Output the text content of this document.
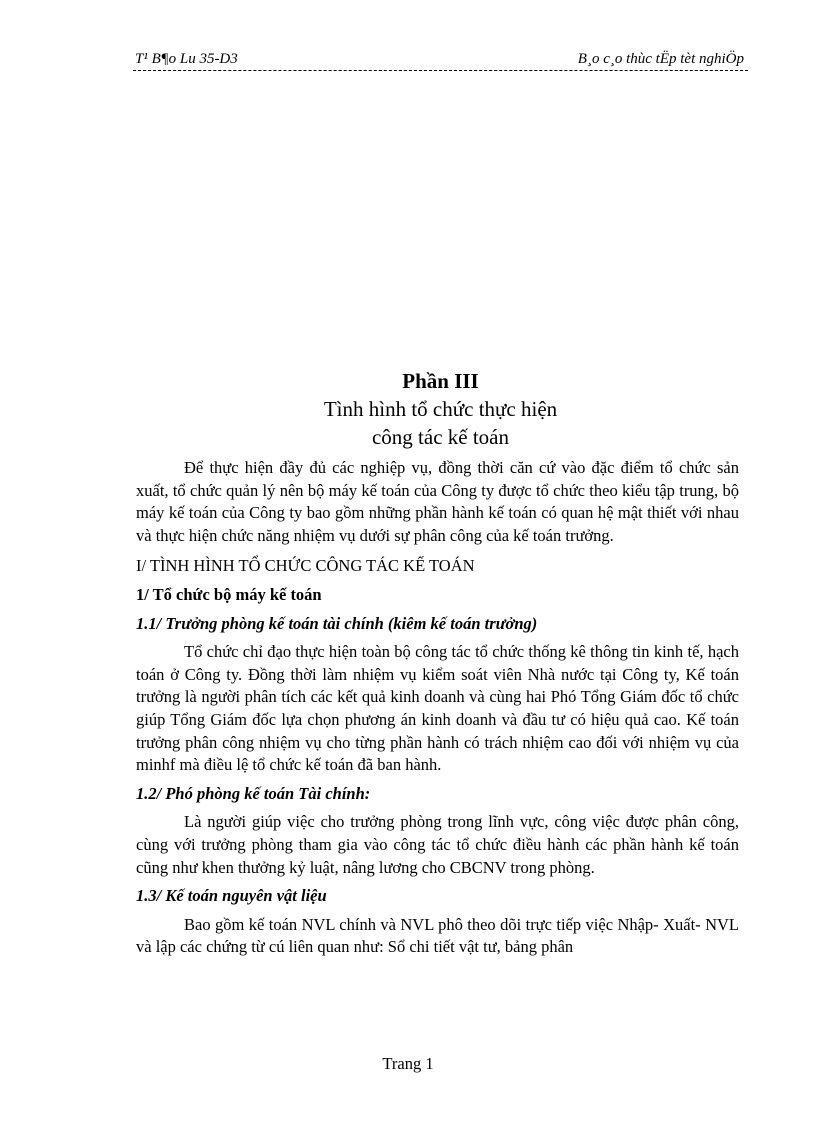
T¹ B¶o Lu 35-D3	B¸o c¸o thùc tËp tèt nghiÖp
Phần III
Tình hình tổ chức thực hiện
công tác kế toán

Để thực hiện đầy đủ các nghiệp vụ, đồng thời căn cứ vào đặc điểm tổ chức sản xuất, tổ chức quản lý nên bộ máy kế toán của Công ty được tổ chức theo kiểu tập trung, bộ máy kế toán của Công ty bao gồm những phần hành kế toán có quan hệ mật thiết với nhau và thực hiện chức năng nhiệm vụ dưới sự phân công của kế toán trưởng.

I/ TÌNH HÌNH TỔ CHỨC CÔNG TÁC KẾ TOÁN

1/ Tổ chức bộ máy kế toán

1.1/ Trưởng phòng kế toán tài chính (kiêm kế toán trưởng)

Tổ chức chỉ đạo thực hiện toàn bộ công tác tổ chức thống kê thông tin kinh tế, hạch toán ở Công ty. Đồng thời làm nhiệm vụ kiểm soát viên Nhà nước tại Công ty, Kế toán trưởng là người phân tích các kết quả kinh doanh và cùng hai Phó Tổng Giám đốc tổ chức giúp Tổng Giám đốc lựa chọn phương án kinh doanh và đầu tư có hiệu quả cao. Kế toán trưởng phân công nhiệm vụ cho từng phần hành có trách nhiệm cao đối với nhiệm vụ của minhf mà điều lệ tổ chức kế toán đã ban hành.

1.2/ Phó phòng kế toán Tài chính:

Là người giúp việc cho trưởng phòng trong lĩnh vực, công việc được phân công, cùng với trưởng phòng tham gia vào công tác tổ chức điều hành các phần hành kế toán cũng như khen thưởng kỷ luật, nâng lương cho CBCNV trong phòng.

1.3/ Kế toán nguyên vật liệu

Bao gồm kế toán NVL chính và NVL phô theo dõi trực tiếp việc Nhập- Xuất- NVL và lập các chứng từ cú liên quan như: Sổ chi tiết vật tư, bảng phân

Trang 1
